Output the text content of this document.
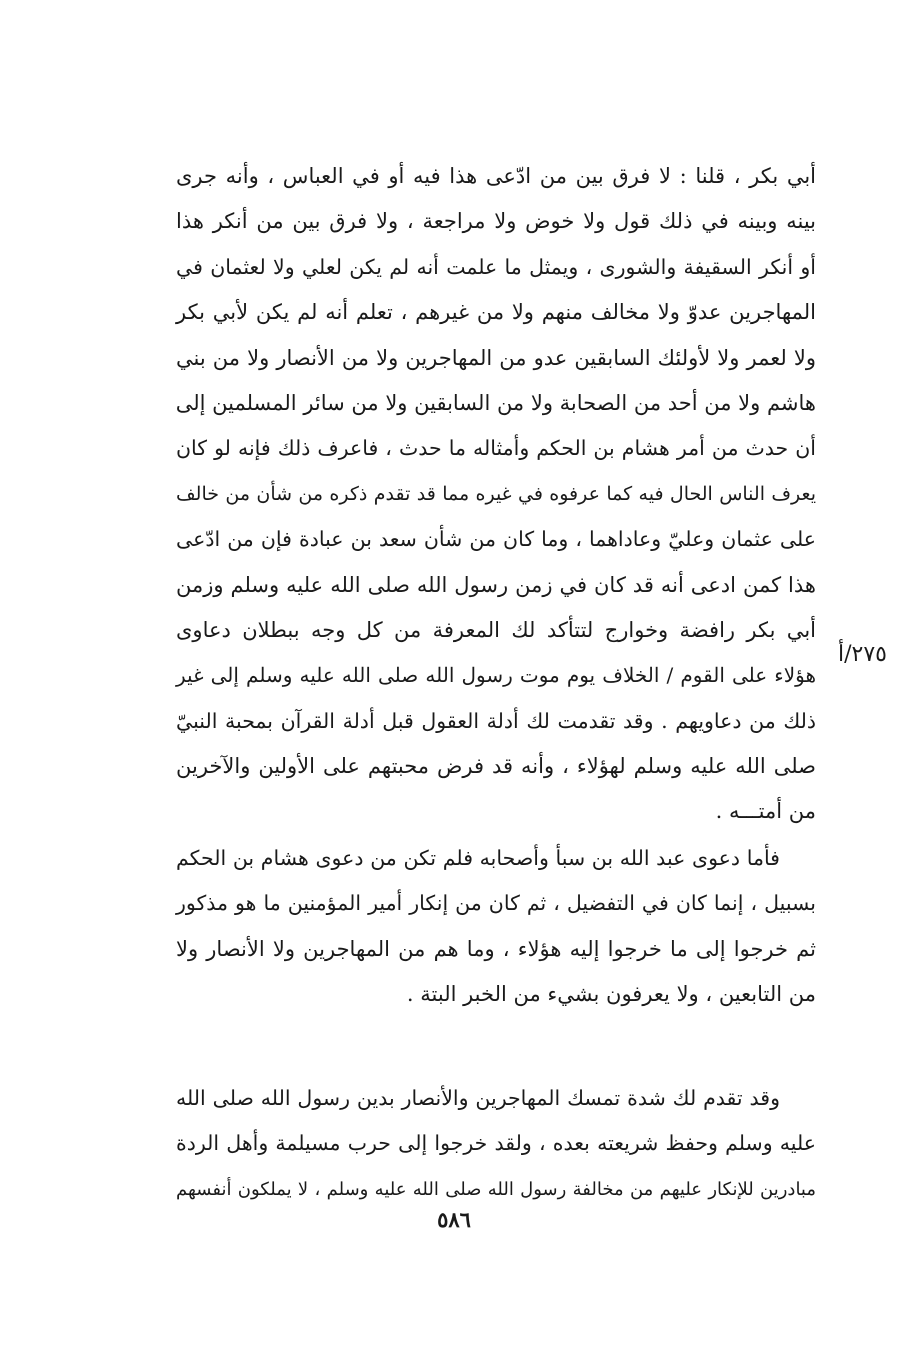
أبي بكر ، قلنا : لا فرق بين من ادّعى هذا فيه أو في العباس ، وأنه جرى
بينه وبينه في ذلك قول ولا خوض ولا مراجعة ، ولا فرق بين من أنكر هذا
أو أنكر السقيفة والشورى ، ويمثل ما علمت أنه لم يكن لعلي ولا لعثمان في
المهاجرين عدوّ ولا مخالف منهم ولا من غيرهم ، تعلم أنه لم يكن لأبي بكر
ولا لعمر ولا لأولئك السابقين عدو من المهاجرين ولا من الأنصار ولا من بني
هاشم ولا من أحد من الصحابة ولا من السابقين ولا من سائر المسلمين إلى
أن حدث من أمر هشام بن الحكم وأمثاله ما حدث ، فاعرف ذلك فإنه لو كان
يعرف الناس الحال فيه كما عرفوه في غيره مما قد تقدم ذكره من شأن من خالف
على عثمان وعليّ وعاداهما ، وما كان من شأن سعد بن عبادة فإن من ادّعى
هذا كمن ادعى أنه قد كان في زمن رسول الله صلى الله عليه وسلم وزمن
أبي بكر رافضة وخوارج لتتأكد لك المعرفة من كل وجه ببطلان دعاوى
هؤلاء على القوم / الخلاف يوم موت رسول الله صلى الله عليه وسلم إلى غير
ذلك من دعاويهم . وقد تقدمت لك أدلة العقول قبل أدلة القرآن بمحبة النبيّ
صلى الله عليه وسلم لهؤلاء ، وأنه قد فرض محبتهم على الأولين والآخرين
من أمتـــه .
٢٧٥/أ
فأما دعوى عبد الله بن سبأ وأصحابه فلم تكن من دعوى هشام بن الحكم
بسبيل ، إنما كان في التفضيل ، ثم كان من إنكار أمير المؤمنين ما هو مذكور
ثم خرجوا إلى ما خرجوا إليه هؤلاء ، وما هم من المهاجرين ولا الأنصار ولا
من التابعين ، ولا يعرفون بشيء من الخبر البتة .
وقد تقدم لك شدة تمسك المهاجرين والأنصار بدين رسول الله صلى الله
عليه وسلم وحفظ شريعته بعده ، ولقد خرجوا إلى حرب مسيلمة وأهل الردة
مبادرين للإنكار عليهم من مخالفة رسول الله صلى الله عليه وسلم ، لا يملكون أنفسهم
٥٨٦
